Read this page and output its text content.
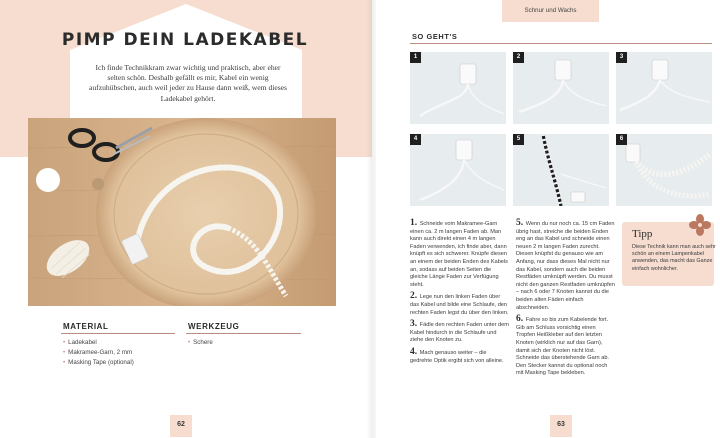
PIMP DEIN LADEKABEL

Ich finde Technikkram zwar wichtig und praktisch, aber eher selten schön. Deshalb gefällt es mir, Kabel ein wenig aufzuhübschen, auch weil jeder zu Hause dann weiß, wem dieses Ladekabel gehört.

MATERIAL
• Ladekabel
• Makramee-Garn, 2 mm
• Masking Tape (optional)
WERKZEUG
• Schere
62
Schnur und Wachs
SO GEHT'S
1	2	3
4	5	6

1. Schneide vom Makramee-Garn einen ca. 2 m langen Faden ab. Man kann auch direkt einen 4 m langen Faden verwenden, ich finde aber, dann knüpft es sich schwerer. Knüpfe diesen an einem der beiden Enden des Kabels an, sodass auf beiden Seiten die gleiche Länge Faden zur Verfügung steht.

2. Lege nun den linken Faden über das Kabel und bilde eine Schlaufe, den rechten Faden legst du über den linken.

3. Fädle den rechten Faden unter dem Kabel hindurch in die Schlaufe und ziehe den Knoten zu.

4. Mach genauso weiter – die gedrehte Optik ergibt sich von alleine.

5. Wenn du nur noch ca. 15 cm Faden übrig hast, streiche die beiden Enden eng an das Kabel und schneide einen neuen 2 m langen Faden zurecht. Diesen knüpfst du genauso wie am Anfang, nur dass dieses Mal nicht nur das Kabel, sondern auch die beiden Restfäden umknüpft werden. Du musst nicht den ganzen Restfaden umknüpfen – nach 6 oder 7 Knoten kannst du die beiden alten Fäden einfach abschneiden.

6. Fahre so bis zum Kabelende fort. Gib am Schluss vorsichtig einen Tropfen Heißkleber auf den letzten Knoten (wirklich nur auf das Garn), damit sich der Knoten nicht löst. Schneide das überstehende Garn ab. Den Stecker kannst du optional noch mit Masking Tape bekleben.

Tipp
Diese Technik kann man auch sehr schön an einem Lampenkabel anwenden, das macht das Ganze einfach wohnlicher.
63
